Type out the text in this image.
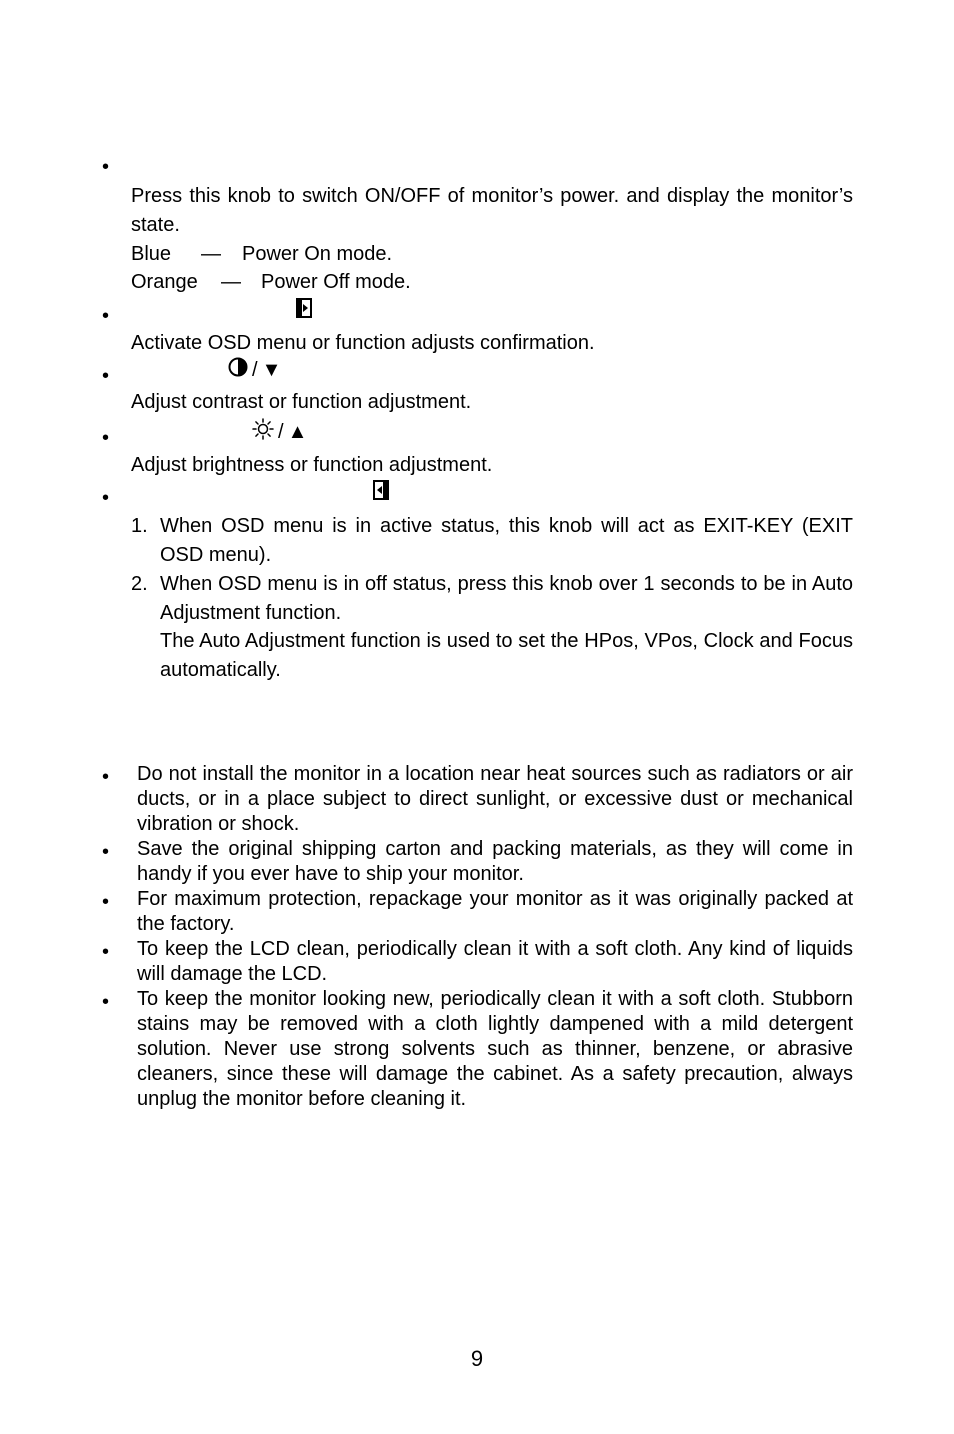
•
Press this knob to switch ON/OFF of monitor’s power. and display the monitor’s state.
Blue — Power On mode.
Orange — Power Off mode.
•
Activate OSD menu or function adjusts confirmation.
•	/ ▼
Adjust contrast or function adjustment.
•	/ ▲
Adjust brightness or function adjustment.
•
1. When OSD menu is in active status, this knob will act as EXIT-KEY (EXIT OSD menu).
2. When OSD menu is in off status, press this knob over 1 seconds to be in Auto Adjustment function.
The Auto Adjustment function is used to set the HPos, VPos, Clock and Focus automatically.
• Do not install the monitor in a location near heat sources such as radiators or air ducts, or in a place subject to direct sunlight, or excessive dust or mechanical vibration or shock.
• Save the original shipping carton and packing materials, as they will come in handy if you ever have to ship your monitor.
• For maximum protection, repackage your monitor as it was originally packed at the factory.
• To keep the LCD clean, periodically clean it with a soft cloth. Any kind of liquids will damage the LCD.
• To keep the monitor looking new, periodically clean it with a soft cloth. Stubborn stains may be removed with a cloth lightly dampened with a mild detergent solution. Never use strong solvents such as thinner, benzene, or abrasive cleaners, since these will damage the cabinet. As a safety precaution, always unplug the monitor before cleaning it.
9
